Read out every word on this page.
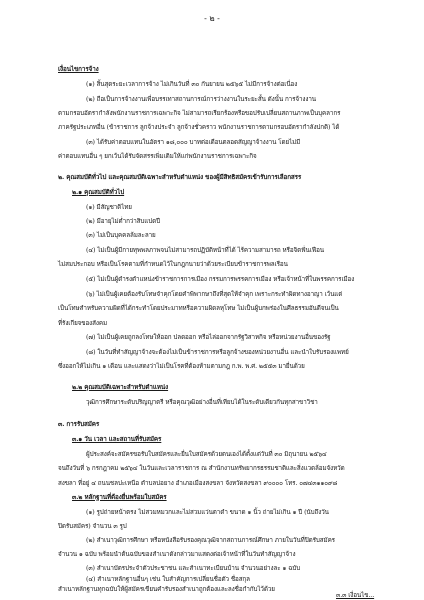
- ๒ -
เงื่อนไขการจ้าง
(๑) สิ้นสุดระยะเวลาการจ้าง ไม่เกินวันที่ ๓๐ กันยายน ๒๕๖๕ ไม่มีการจ้างต่อเนื่อง
(๒) ถือเป็นการจ้างงานเพื่อบรรเทาสถานการณ์การว่างงานในระยะสั้น ดังนั้น การจ้างงาน
ตามกรอบอัตรากำลังพนักงานราชการเฉพาะกิจ ไม่สามารถเรียกร้องหรือขอปรับเปลี่ยนสถานภาพเป็นบุคลากร
ภาครัฐประเภทอื่น (ข้าราชการ ลูกจ้างประจำ ลูกจ้างชั่วคราว พนักงานราชการตามกรอบอัตรากำลังปกติ) ได้
(๓) ได้รับค่าตอบแทนในอัตรา ๑๘,๐๐๐ บาทต่อเดือนตลอดสัญญาจ้างงาน โดยไม่มี
ค่าตอบแทนอื่น ๆ ยกเว้นได้รับจัดสรรเพิ่มเติมให้แก่พนักงานราชการเฉพาะกิจ
๒. คุณสมบัติทั่วไป และคุณสมบัติเฉพาะสำหรับตำแหน่ง ของผู้มีสิทธิสมัครเข้ารับการเลือกสรร
๒.๑ คุณสมบัติทั่วไป
(๑) มีสัญชาติไทย
(๒) มีอายุไม่ต่ำกว่าสิบแปดปี
(๓) ไม่เป็นบุคคลล้มละลาย
(๔) ไม่เป็นผู้มีกายทุพพลภาพจนไม่สามารถปฏิบัติหน้าที่ได้ ไร้ความสามารถ หรือจิตฟั่นเฟือน
ไม่สมประกอบ หรือเป็นโรคตามที่กำหนดไว้ในกฎกนายว่าด้วยระเบียบข้าราชการพลเรือน
(๕) ไม่เป็นผู้ดำรงตำแหน่งข้าราชการการเมือง กรรมการพรรคการเมือง หรือเจ้าหน้าที่ในพรรคการเมือง
(๖) ไม่เป็นผู้เคยต้องรับโทษจำคุกโดยคำพิพากษาถึงที่สุดให้จำคุก เพราะกระทำผิดทางอาญา เว้นแต่
เป็นโทษสำหรับความผิดที่ได้กระทำโดยประมาทหรือความผิดลหุโทษ ไม่เป็นผู้บกพร่องในศีลธรรมอันดีจนเป็น
ที่รังเกียจของสังคม
(๗) ไม่เป็นผู้เคยถูกลงโทษให้ออก ปลดออก หรือไล่ออกจากรัฐวิสาหกิจ หรือหน่วยงานอื่นของรัฐ
(๘) ในวันที่ทำสัญญาจ้างจะต้องไม่เป็นข้าราชการหรือลูกจ้างของหน่วยงานอื่น และนำใบรับรองแพทย์
ซึ่งออกให้ไม่เกิน ๑ เดือน และแสดงว่าไม่เป็นโรคที่ต้องห้ามตามกฎ ก.พ. พ.ศ. ๒๕๕๓ มายื่นด้วย
๒.๒ คุณสมบัติเฉพาะสำหรับตำแหน่ง
วุฒิการศึกษาระดับปริญญาตรี หรือคุณวุฒิอย่างอื่นที่เทียบได้ในระดับเดียวกันทุกสาขาวิชา
๓. การรับสมัคร
๓.๑ วัน เวลา และสถานที่รับสมัคร
ผู้ประสงค์จะสมัครขอรับใบสมัครและยื่นใบสมัครด้วยตนเองได้ตั้งแต่วันที่ ๓๐ มิถุนายน ๒๕๖๔
จนถึงวันที่ ๖ กรกฎาคม ๒๕๖๔ ในวันและเวลาราชการ ณ สำนักงานทรัพยากรธรรมชาติและสิ่งแวดล้อมจังหวัด
สงขลา ที่อยู่ ๔ ถนนชลปะเหนือ ตำบลบ่อยาง อำเภอเมืองสงขลา จังหวัดสงขลา ๙๐๐๐๐ โทร. ๐๗๔๓๑๑๐๙๘
๓.๒ หลักฐานที่ต้องยื่นพร้อมใบสมัคร
(๑) รูปถ่ายหน้าตรง ไม่สวมหมวกและไม่สวมแว่นตาดำ ขนาด ๑ นิ้ว ถ่ายไม่เกิน ๑ ปี (นับถึงวัน
ปิดรับสมัคร) จำนวน ๓ รูป
(๒) สำเนาวุฒิการศึกษา หรือหนังสือรับรองคุณวุฒิจากสถานการณ์ศึกษา ภายในวันที่ปิดรับสมัคร
จำนวน ๑ ฉบับ พร้อมนำต้นฉบับของสำเนาดังกล่าวมาแสดงต่อเจ้าหน้าที่ในวันทำสัญญาจ้าง
(๓) สำเนาบัตรประจำตัวประชาชน และสำเนาทะเบียนบ้าน จำนวนอย่างละ ๑ ฉบับ
(๔) สำเนาหลักฐานอื่นๆ เช่น ใบสำคัญการเปลี่ยนชื่อตัว ชื่อสกุล
สำเนาหลักฐานทุกฉบับให้ผู้สมัครเขียนคำรับรองสำเนาถูกต้องและลงชื่อกำกับไว้ด้วย
๓.๓ เงื่อนไข...
